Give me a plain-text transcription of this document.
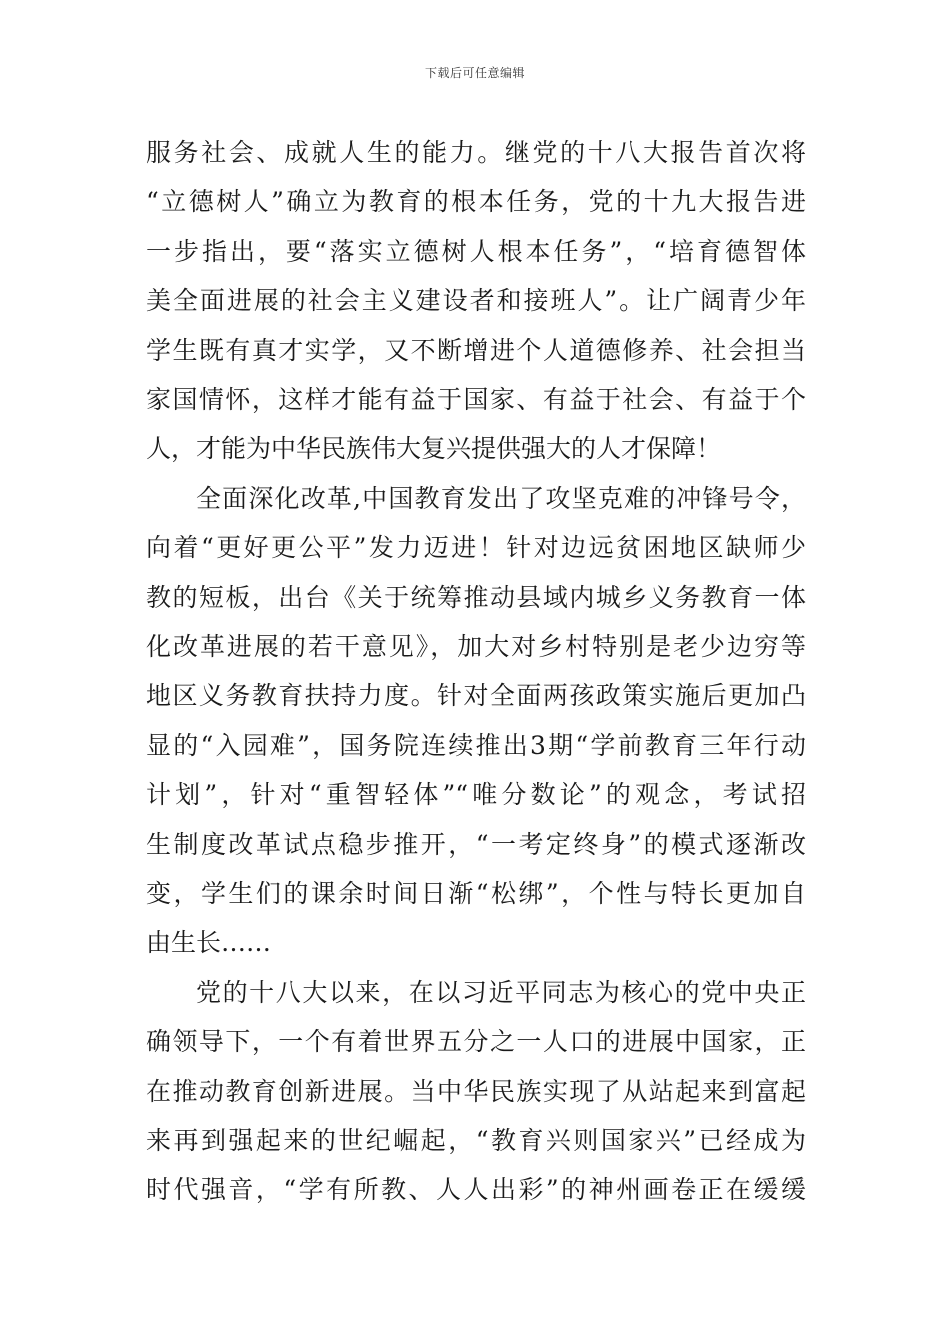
下载后可任意编辑
服务社会、成就人生的能力。继党的十八大报告首次将
“立德树人”确立为教育的根本任务，党的十九大报告进
一步指出，要“落实立德树人根本任务”，“培育德智体
美全面进展的社会主义建设者和接班人”。让广阔青少年
学生既有真才实学，又不断增进个人道德修养、社会担当
家国情怀，这样才能有益于国家、有益于社会、有益于个
人，才能为中华民族伟大复兴提供强大的人才保障！
全面深化改革,中国教育发出了攻坚克难的冲锋号令，
向着“更好更公平”发力迈进！针对边远贫困地区缺师少
教的短板，出台《关于统筹推动县域内城乡义务教育一体
化改革进展的若干意见》，加大对乡村特别是老少边穷等
地区义务教育扶持力度。针对全面两孩政策实施后更加凸
显的“入园难”，国务院连续推出3期“学前教育三年行动
计划”，针对“重智轻体”“唯分数论”的观念，考试招
生制度改革试点稳步推开，“一考定终身”的模式逐渐改
变，学生们的课余时间日渐“松绑”，个性与特长更加自
由生长……
党的十八大以来，在以习近平同志为核心的党中央正
确领导下，一个有着世界五分之一人口的进展中国家，正
在推动教育创新进展。当中华民族实现了从站起来到富起
来再到强起来的世纪崛起，“教育兴则国家兴”已经成为
时代强音，“学有所教、人人出彩”的神州画卷正在缓缓
